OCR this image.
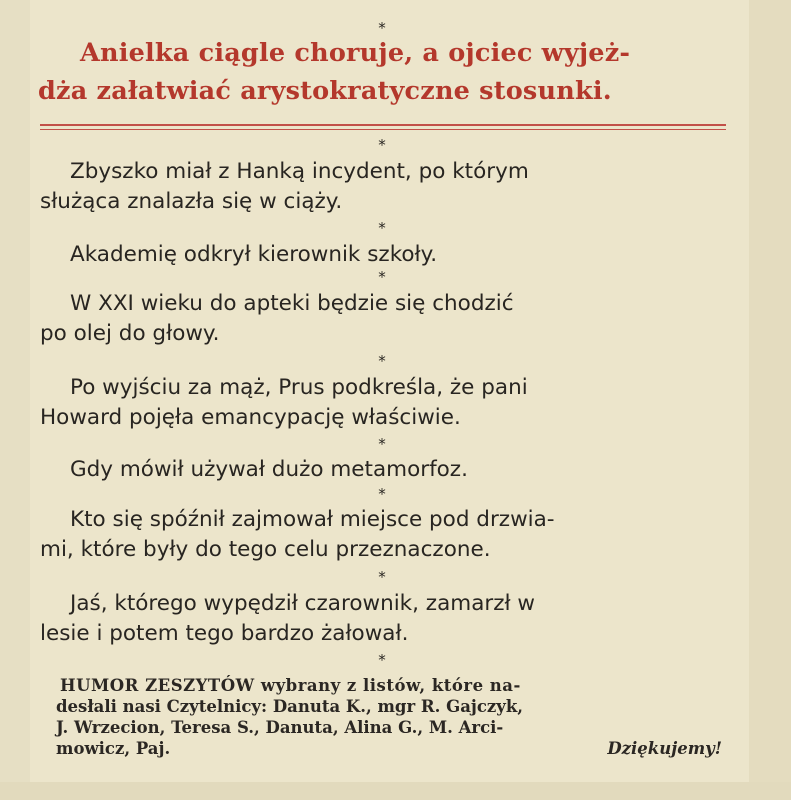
*
Anielka ciągle choruje, a ojciec wyjeż-
dża załatwiać arystokratyczne stosunki.
*

Zbyszko miał z Hanką incydent, po którym
służąca znalazła się w ciąży.

*

Akademię odkrył kierownik szkoły.

*

W XXI wieku do apteki będzie się chodzić
po olej do głowy.

*

Po wyjściu za mąż, Prus podkreśla, że pani
Howard pojęła emancypację właściwie.

*

Gdy mówił używał dużo metamorfoz.

*

Kto się spóźnił zajmował miejsce pod drzwia-
mi, które były do tego celu przeznaczone.

*

Jaś, którego wypędził czarownik, zamarzł w
lesie i potem tego bardzo żałował.

*
HUMOR ZESZYTÓW wybrany z listów, które na-
desłali nasi Czytelnicy: Danuta K., mgr R. Gajczyk,
J. Wrzecion, Teresa S., Danuta, Alina G., M. Arci-
mowicz, Paj.	Dziękujemy!
